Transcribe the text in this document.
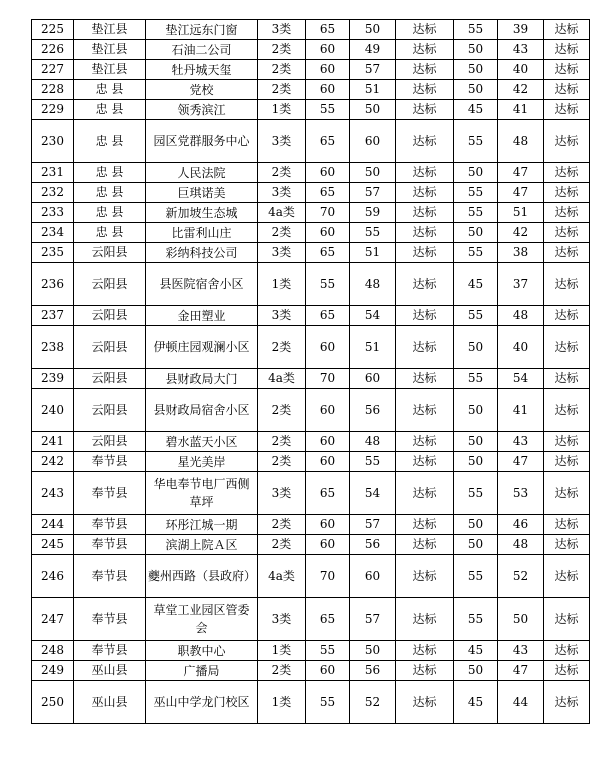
225	垫江县	垫江远东门窗	3类	65	50	达标	55	39	达标
226	垫江县	石油二公司	2类	60	49	达标	50	43	达标
227	垫江县	牡丹城天玺	2类	60	57	达标	50	40	达标
228	忠 县	党校	2类	60	51	达标	50	42	达标
229	忠 县	领秀滨江	1类	55	50	达标	45	41	达标
230	忠 县	园区党群服务中心	3类	65	60	达标	55	48	达标
231	忠 县	人民法院	2类	60	50	达标	50	47	达标
232	忠 县	巨琪诺美	3类	65	57	达标	55	47	达标
233	忠 县	新加坡生态城	4a类	70	59	达标	55	51	达标
234	忠 县	比雷利山庄	2类	60	55	达标	50	42	达标
235	云阳县	彩纳科技公司	3类	65	51	达标	55	38	达标
236	云阳县	县医院宿舍小区	1类	55	48	达标	45	37	达标
237	云阳县	金田塑业	3类	65	54	达标	55	48	达标
238	云阳县	伊顿庄园观澜小区	2类	60	51	达标	50	40	达标
239	云阳县	县财政局大门	4a类	70	60	达标	55	54	达标
240	云阳县	县财政局宿舍小区	2类	60	56	达标	50	41	达标
241	云阳县	碧水蓝天小区	2类	60	48	达标	50	43	达标
242	奉节县	星光美岸	2类	60	55	达标	50	47	达标
243	奉节县	华电奉节电厂西侧草坪	3类	65	54	达标	55	53	达标
244	奉节县	环彤江城一期	2类	60	57	达标	50	46	达标
245	奉节县	滨湖上院Ａ区	2类	60	56	达标	50	48	达标
246	奉节县	夔州西路（县政府）	4a类	70	60	达标	55	52	达标
247	奉节县	草堂工业园区管委会	3类	65	57	达标	55	50	达标
248	奉节县	职教中心	1类	55	50	达标	45	43	达标
249	巫山县	广播局	2类	60	56	达标	50	47	达标
250	巫山县	巫山中学龙门校区	1类	55	52	达标	45	44	达标
